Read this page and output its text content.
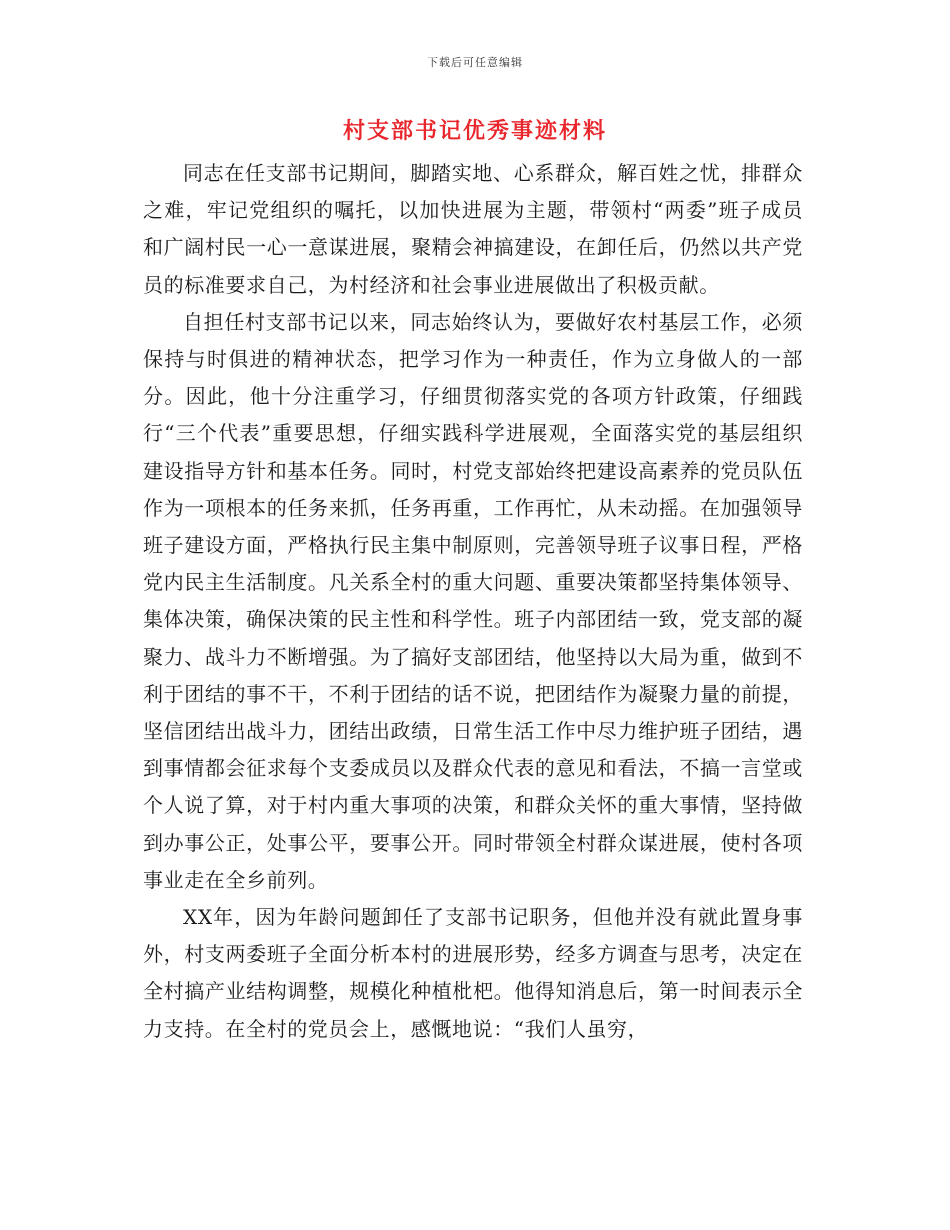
下载后可任意编辑
村支部书记优秀事迹材料

同志在任支部书记期间，脚踏实地、心系群众，解百姓之忧，排群众之难，牢记党组织的嘱托，以加快进展为主题，带领村“两委”班子成员和广阔村民一心一意谋进展，聚精会神搞建设，在卸任后，仍然以共产党员的标准要求自己，为村经济和社会事业进展做出了积极贡献。

自担任村支部书记以来，同志始终认为，要做好农村基层工作，必须保持与时俱进的精神状态，把学习作为一种责任，作为立身做人的一部分。因此，他十分注重学习，仔细贯彻落实党的各项方针政策，仔细践行“三个代表”重要思想，仔细实践科学进展观，全面落实党的基层组织建设指导方针和基本任务。同时，村党支部始终把建设高素养的党员队伍作为一项根本的任务来抓，任务再重，工作再忙，从未动摇。在加强领导班子建设方面，严格执行民主集中制原则，完善领导班子议事日程，严格党内民主生活制度。凡关系全村的重大问题、重要决策都坚持集体领导、集体决策，确保决策的民主性和科学性。班子内部团结一致，党支部的凝聚力、战斗力不断增强。为了搞好支部团结，他坚持以大局为重，做到不利于团结的事不干，不利于团结的话不说，把团结作为凝聚力量的前提，坚信团结出战斗力，团结出政绩，日常生活工作中尽力维护班子团结，遇到事情都会征求每个支委成员以及群众代表的意见和看法，不搞一言堂或个人说了算，对于村内重大事项的决策，和群众关怀的重大事情，坚持做到办事公正，处事公平，要事公开。同时带领全村群众谋进展，使村各项事业走在全乡前列。

XX年，因为年龄问题卸任了支部书记职务，但他并没有就此置身事外，村支两委班子全面分析本村的进展形势，经多方调查与思考，决定在全村搞产业结构调整，规模化种植枇杷。他得知消息后，第一时间表示全力支持。在全村的党员会上，感慨地说：“我们人虽穷，
